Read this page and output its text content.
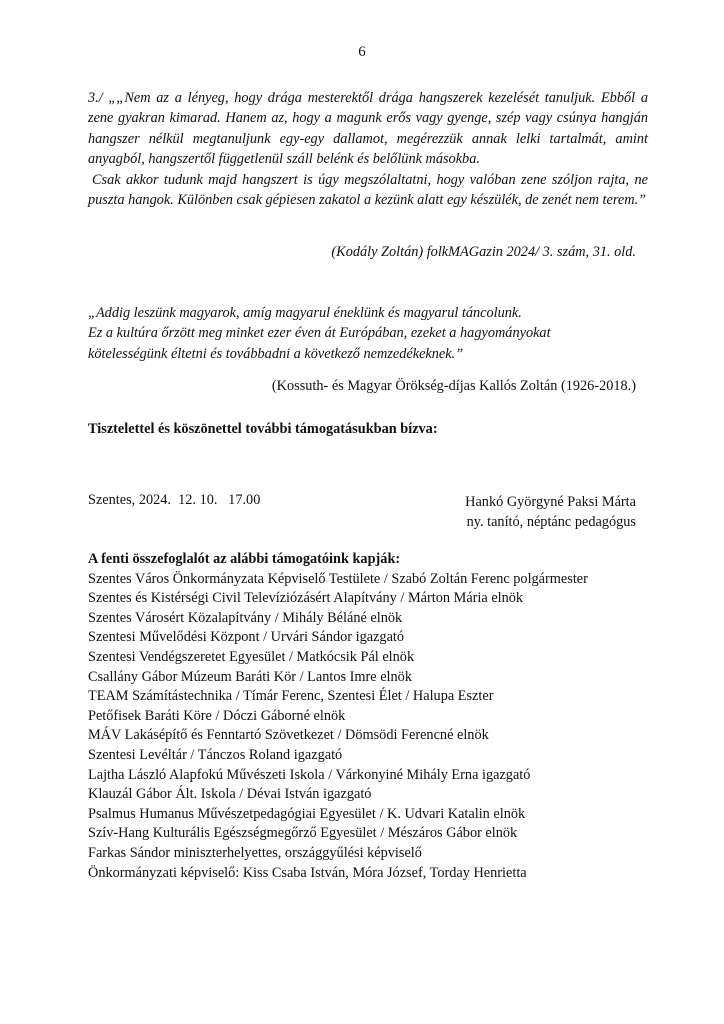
6

3./ „„Nem az a lényeg, hogy drága mesterektől drága hangszerek kezelését tanuljuk. Ebből a zene gyakran kimarad. Hanem az, hogy a magunk erős vagy gyenge, szép vagy csúnya hangján hangszer nélkül megtanuljunk egy-egy dallamot, megérezzük annak lelki tartalmát, amint anyagból, hangszertől függetlenül száll belénk és belőlünk másokba.

Csak akkor tudunk majd hangszert is úgy megszólaltatni, hogy valóban zene szóljon rajta, ne puszta hangok. Különben csak gépiesen zakatol a kezünk alatt egy készülék, de zenét nem terem.”

(Kodály Zoltán) folkMAGazin 2024/ 3. szám, 31. old.
„Addig leszünk magyarok, amíg magyarul éneklünk és magyarul táncolunk.
Ez a kultúra őrzött meg minket ezer éven át Európában, ezeket a hagyományokat
kötelességünk éltetni és továbbadni a következő nemzedékeknek.”
(Kossuth- és Magyar Örökség-díjas Kallós Zoltán (1926-2018.)
Tisztelettel és köszönettel további támogatásukban bízva:
Szentes, 2024.  12. 10.   17.00	Hankó Györgyné Paksi Márta
ny. tanító, néptánc pedagógus
A fenti összefoglalót az alábbi támogatóink kapják:
Szentes Város Önkormányzata Képviselő Testülete / Szabó Zoltán Ferenc polgármester
Szentes és Kistérségi Civil Televíziózásért Alapítvány / Márton Mária elnök
Szentes Városért Közalapítvány / Mihály Béláné elnök
Szentesi Művelődési Központ / Urvári Sándor igazgató
Szentesi Vendégszeretet Egyesület / Matkócsik Pál elnök
Csallány Gábor Múzeum Baráti Kör / Lantos Imre elnök
TEAM Számítástechnika / Tímár Ferenc, Szentesi Élet / Halupa Eszter
Petőfisek Baráti Köre / Dóczi Gáborné elnök
MÁV Lakásépítő és Fenntartó Szövetkezet / Dömsödi Ferencné elnök
Szentesi Levéltár / Tánczos Roland igazgató
Lajtha László Alapfokú Művészeti Iskola / Várkonyiné Mihály Erna igazgató
Klauzál Gábor Ált. Iskola / Dévai István igazgató
Psalmus Humanus Művészetpedagógiai Egyesület / K. Udvari Katalin elnök
Szív-Hang Kulturális Egészségmegőrző Egyesület / Mészáros Gábor elnök
Farkas Sándor miniszterhelyettes, országgyűlési képviselő
Önkormányzati képviselő: Kiss Csaba István, Móra József, Torday Henrietta
